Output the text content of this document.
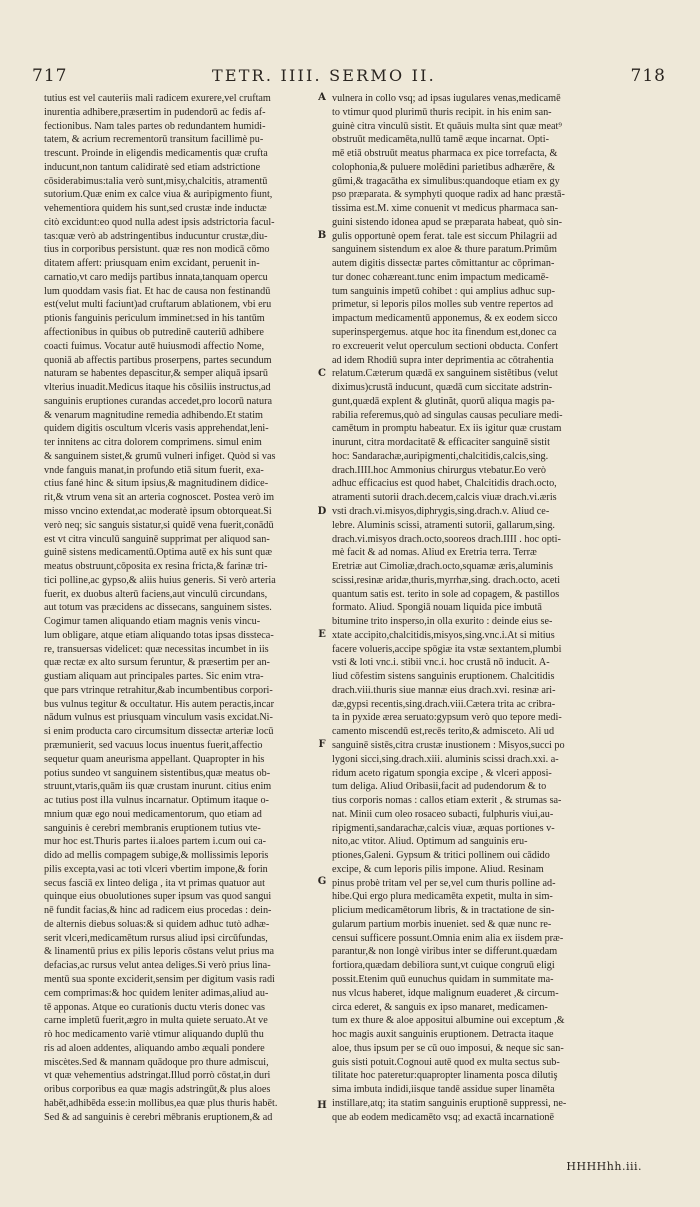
717	TETR. IIII. SERMO II.	718
tutius est vel cauteriis mali radicem exurere,vel cruftam
inurentia adhibere,præsertim in pudendorū ac fedis af-
fectionibus. Nam tales partes ob redundantem humidi-
tatem, & acrium recrementorū transitum facillimè pu-
trescunt. Proinde in eligendis medicamentis quæ crufta
inducunt,non tantum calidiratè sed etiam adstrictione
cōsiderabimus:talia verò sunt,misy,chalcitis, atramentū
sutorium.Quæ enim ex calce viua & auripigmento fiunt,
vehementiora quidem his sunt,sed crustæ inde inductæ
citò excidunt:eo quod nulla adest ipsis adstrictoria facul-
tas:quæ verò ab adstringentibus inducuntur crustæ,diu-
tius in corporibus persistunt. quæ res non modicā cōmo
ditatem affert: priusquam enim excidant, peruenit in-
carnatio,vt caro medijs partibus innata,tanquam opercu
lum quoddam vasis fiat. Et hac de causa non festinandū
est(velut multi faciunt)ad cruftarum ablationem, vbi eru
ptionis fanguinis periculum imminet:sed in his tantūm
affectionibus in quibus ob putredinē cauteriū adhibere
coacti fuimus. Vocatur autē huiusmodi affectio Nome,
quoniā ab affectis partibus proserpens, partes secundum
naturam se habentes depascitur,& semper aliquā ipsarū
vlterius inuadit.Medicus itaque his cōsiliis instructus,ad
sanguinis eruptiones curandas accedet,pro locorū natura
& venarum magnitudine remedia adhibendo.Et statim
quidem digitis oscultum vlceris vasis apprehendat,leni-
ter innitens ac citra dolorem comprimens. simul enim
& sanguinem sistet,& grumū vulneri infiget. Quòd si vas
vnde fanguis manat,in profundo etiā situm fuerit, exa-
ctius fané hinc & situm ipsius,& magnitudinem didice-
rit,& vtrum vena sit an arteria cognoscet. Postea verò im
misso vncino extendat,ac moderatè ipsum obtorqueat.Si
verò neq; sic sanguis sistatur,si quidē vena fuerit,conādū
est vt citra vinculū sanguinē supprimat per aliquod san-
guinē sistens medicamentū.Optima autē ex his sunt quæ
meatus obstruunt,cōposita ex resina fricta,& farinæ tri-
tici polline,ac gypso,& aliis huius generis. Si verò arteria
fuerit, ex duobus alterū faciens,aut vinculū circundans,
aut totum vas præcidens ac dissecans, sanguinem sistes.
Cogimur tamen aliquando etiam magnis venis vincu-
lum obligare, atque etiam aliquando totas ipsas dissteca-
re, transuersas videlicet: quæ necessitas incumbet in iis
quæ rectæ ex alto sursum feruntur, & præsertim per an-
gustiam aliquam aut principales partes. Sic enim vtra-
que pars vtrinque retrahitur,&ab incumbentibus corpori-
bus vulnus tegitur & occultatur. His autem peractis,incar
nādum vulnus est priusquam vinculum vasis excidat.Ni-
si enim producta caro circumsitum dissectæ arteriæ locū
præmunierit, sed vacuus locus inuentus fuerit,affectio
sequetur quam aneurisma appellant. Quapropter in his
potius sundeo vt sanguinem sistentibus,quæ meatus ob-
struunt,vtaris,quām iis quæ crustam inurunt. citius enim
ac tutius post illa vulnus incarnatur. Optimum itaque o-
mnium quæ ego noui medicamentorum, quo etiam ad
sanguinis è cerebri membranis eruptionem tutius vte-
mur hoc est.Thuris partes ii.aloes partem i.cum oui ca-
dido ad mellis compagem subige,& mollissimis leporis
pilis excepta,vasi ac toti vlceri vbertim impone,& forin
secus fasciā ex linteo deliga , ita vt primas quatuor aut
quinque eius obuolutiones super ipsum vas quod sangui
nē fundit facias,& hinc ad radicem eius procedas : dein-
de alternis diebus soluas:& si quidem adhuc tutò adhæ-
serit vlceri,medicamētum rursus aliud ipsi circūfundas,
& linamentū prius ex pilis leporis cōstans velut prius ma
defacias,ac rursus velut antea deliges.Si verò prius lina-
mentū sua sponte exciderit,sensim per digitum vasis radi
cem comprimas:& hoc quidem leniter adimas,aliud au-
tē apponas. Atque eo curationis ductu vteris donec vas
carne impletū fuerit,ægro in multa quiete seruato.At ve
rò hoc medicamento variè vtimur aliquando duplū thu
ris ad aloen addentes, aliquando ambo æquali pondere
miscètes.Sed & mannam quādoque pro thure admiscui,
vt quæ vehementius adstringat.Illud porrò cōstat,in duri
oribus corporibus ea quæ magis adstringūt,& plus aloes
habēt,adhibēda esse:in mollibus,ea quæ plus thuris habēt.
Sed & ad sanguinis è cerebri mēbranis eruptionem,& ad
vulnera in collo vsq; ad ipsas iugulares venas,medicamē
to vtimur quod plurimū thuris recipit. in his enim san-
guinè citra vinculū sistit. Et quāuis multa sint quæ meat⁹
obstruūt medicamēta,nullū tamē æque incarnat. Opti-
mē etiā obstruūt meatus pharmaca ex pice torrefacta, &
colophonia,& puluere molēdini parietibus adhærēre, &
gūmi,& tragacātha ex simulibus:quandoque etiam ex gy
pso præparata. & symphyti quoque radix ad hanc præstā-
tissima est.M. xime conuenit vt medicus pharmaca san-
guini sistendo idonea apud se præparata habeat, quò sin-
gulis opportunè opem ferat. tale est siccum Philagrii ad
sanguinem sistendum ex aloe & thure paratum.Primūm
autem digitis dissectæ partes cōmittantur ac cōpriman-
tur donec cohæreant.tunc enim impactum medicamē-
tum sanguinis impetū cohibet : qui amplius adhuc sup-
primetur, si leporis pilos molles sub ventre repertos ad
impactum medicamentū apponemus, & ex eodem sicco
superinspergemus. atque hoc ita finendum est,donec ca
ro excreuerit velut operculum sectioni obducta. Confert
ad idem Rhodiū supra inter deprimentia ac cōtrahentia
relatum.Cæterum quædā ex sanguinem sistētibus (velut
diximus)crustā inducunt, quædā cum siccitate adstrin-
gunt,quædā explent & glutinăt, quorū aliqua magis pa-
rabilia referemus,quò ad singulas causas peculiare medi-
camētum in promptu habeatur. Ex iis igitur quæ crustam
inurunt, citra mordacitatē & efficaciter sanguinē sistit
hoc: Sandarachæ,auripigmenti,chalcitidis,calcis,sing.
drach.IIII.hoc Ammonius chirurgus vtebatur.Eo verò
adhuc efficacius est quod habet, Chalcitidis drach.octo,
atramenti sutorii drach.decem,calcis viuæ drach.vi.æris
vsti drach.vi.misyos,diphrygis,sing.drach.v. Aliud ce-
lebre. Aluminis scissi, atramenti sutorii, gallarum,sing.
drach.vi.misyos drach.octo,sooreos drach.IIII . hoc opti-
mè facit & ad nomas. Aliud ex Eretria terra. Terræ
Eretriæ aut Cimoliæ,drach.octo,squamæ æris,aluminis
scissi,resinæ aridæ,thuris,myrrhæ,sing. drach.octo, aceti
quantum satis est. terito in sole ad copagem, & pastillos
formato. Aliud. Spongiā nouam liquida pice imbutā
bitumine trito insperso,in olla exurito : deinde eius se-
xtate accipito,chalcitidis,misyos,sing.vnc.i.At si mitius
facere volueris,accipe spōgiæ ita vstæ sextantem,plumbi
vsti & loti vnc.i. stibii vnc.i. hoc crustā nō inducit. A-
liud cōfestim sistens sanguinis eruptionem. Chalcitidis
drach.viii.thuris siue mannæ eius drach.xvi. resinæ ari-
dæ,gypsi recentis,sing.drach.viii.Cætera trita ac cribra-
ta in pyxide ærea seruato:gypsum verò quo tepore medi-
camento miscendū est,recēs terito,& admisceto. Ali ud
sanguinē sistēs,citra crustæ inustionem : Misyos,succi po
lygoni sicci,sing.drach.xiii. aluminis scissi drach.xxi. a-
ridum aceto rigatum spongia excipe , & vlceri apposi-
tum deliga. Aliud Oribasii,facit ad pudendorum & to
tius corporis nomas : callos etiam exterit , & strumas sa-
nat. Minii cum oleo rosaceo subacti, fulphuris viui,au-
ripigmenti,sandarachæ,calcis viuæ, æquas portiones v-
nito,ac vtitor. Aliud. Optimum ad sanguinis eru-
ptiones,Galeni. Gypsum & tritici pollinem oui cādido
excipe, & cum leporis pilis impone. Aliud. Resinam
pinus probè tritam vel per se,vel cum thuris polline ad-
hibe.Qui ergo plura medicamēta expetit, multa in sim-
plicium medicamētorum libris, & in tractatione de sin-
gularum partium morbis inueniet. sed & quæ nunc re-
censui sufficere possunt.Omnia enim alia ex iisdem præ-
parantur,& non longè viribus inter se differunt.quædam
fortiora,quædam debiliora sunt,vt cuique congruū eligi
possit.Etenim quū eunuchus quidam in summitate ma-
nus vlcus haberet, idque malignum euaderet ,& circum-
circa ederet, & sanguis ex ipso manaret, medicamen-
tum ex thure & aloe appositui albumine oui exceptum ,&
hoc magis auxit sanguinis eruptionem. Detracta itaque
aloe, thus ipsum per se cū ouo imposui, & neque sic san-
guis sisti potuit.Cognoui autē quod ex multa sectus sub-
tilitate hoc pateretur:quapropter linamenta posca dilutiş
sima imbuta indidi,iisque tandē assidue super linamēta
instillare,atq; ita statim sanguinis eruptionē suppressi, ne-
que ab eodem medicamēto vsq; ad exactā incarnationē
A
B
C
D
E
F
G
H
HHHHhh.iii.
